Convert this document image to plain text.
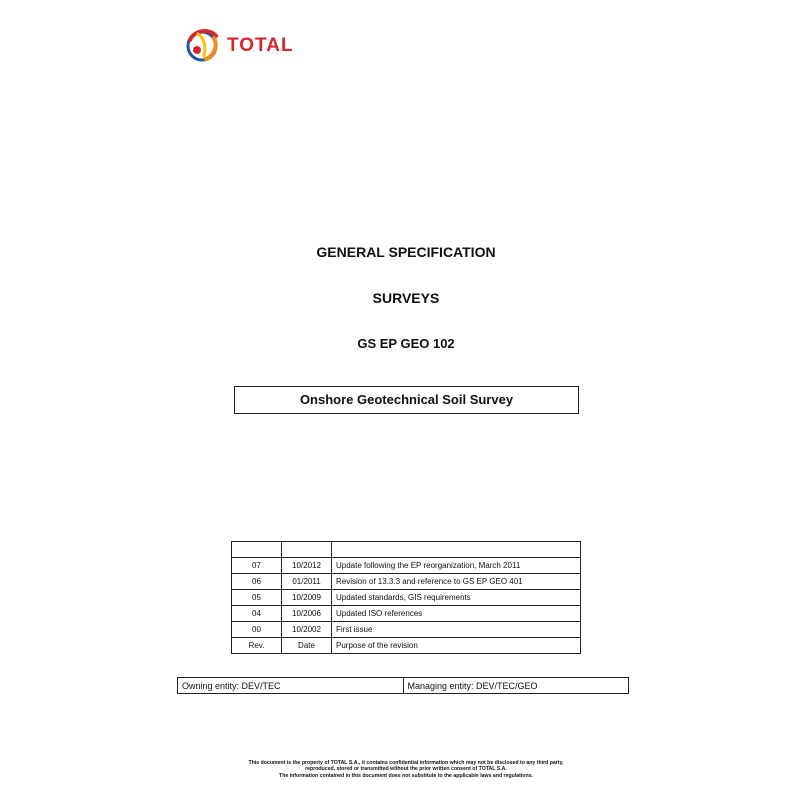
TOTAL
GENERAL SPECIFICATION
SURVEYS
GS EP GEO 102
Onshore Geotechnical Soil Survey

07	10/2012	Update following the EP reorganization, March 2011
06	01/2011	Revision of 13.3.3 and reference to GS EP GEO 401
05	10/2009	Updated standards, GIS requirements
04	10/2006	Updated ISO references
00	10/2002	First issue
Rev.	Date	Purpose of the revision
Owning entity: DEV/TEC	Managing entity: DEV/TEC/GEO
This document is the property of TOTAL S.A., it contains confidential information which may not be disclosed to any third party,
reproduced, stored or transmitted without the prior written consent of TOTAL S.A.
The information contained in this document does not substitute to the applicable laws and regulations.
